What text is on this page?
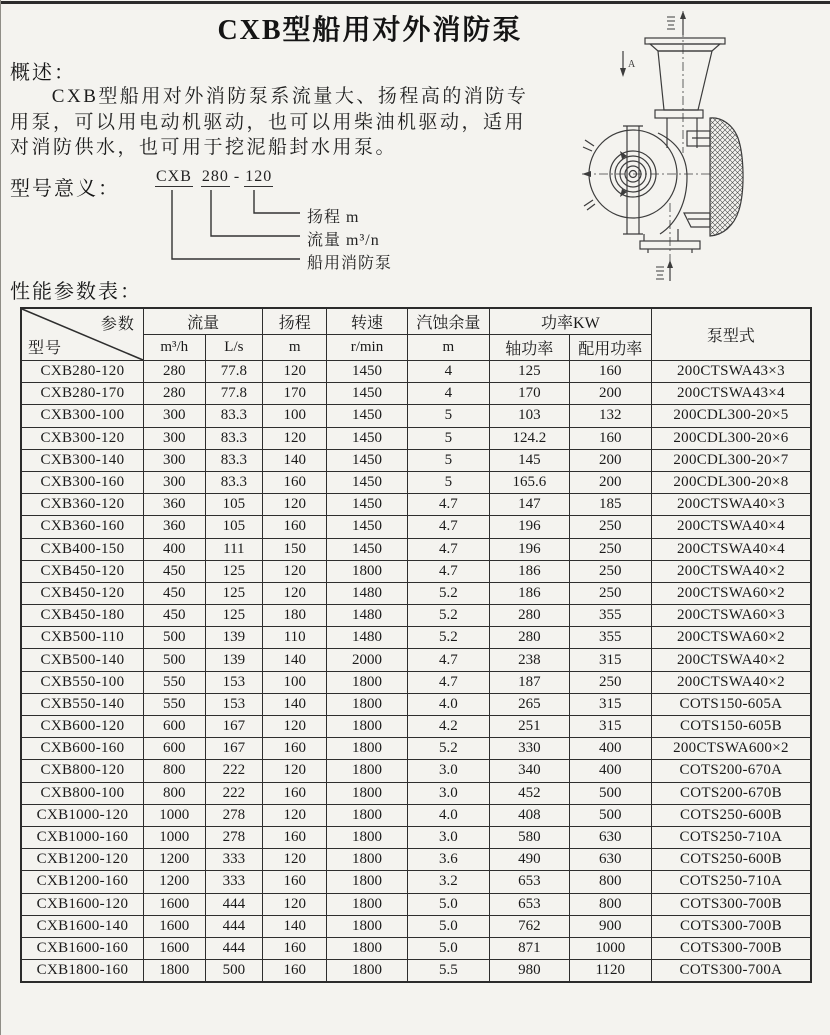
CXB型船用对外消防泵
概述：
CXB型船用对外消防泵系流量大、扬程高的消防专
用泵，可以用电动机驱动，也可以用柴油机驱动，适用
对消防供水，也可用于挖泥船封水用泵。
型号意义：
CXB 280 - 120
扬程 m
流量 m³/n
船用消防泵
A
性能参数表：
参数
型号	流量		扬程	转速	汽蚀余量	功率KW		泵型式
	m³/h	L/s	m	r/min	m	轴功率	配用功率	
CXB280-120	280	77.8	120	1450	4	125	160	200CTSWA43×3
CXB280-170	280	77.8	170	1450	4	170	200	200CTSWA43×4
CXB300-100	300	83.3	100	1450	5	103	132	200CDL300-20×5
CXB300-120	300	83.3	120	1450	5	124.2	160	200CDL300-20×6
CXB300-140	300	83.3	140	1450	5	145	200	200CDL300-20×7
CXB300-160	300	83.3	160	1450	5	165.6	200	200CDL300-20×8
CXB360-120	360	105	120	1450	4.7	147	185	200CTSWA40×3
CXB360-160	360	105	160	1450	4.7	196	250	200CTSWA40×4
CXB400-150	400	111	150	1450	4.7	196	250	200CTSWA40×4
CXB450-120	450	125	120	1800	4.7	186	250	200CTSWA40×2
CXB450-120	450	125	120	1480	5.2	186	250	200CTSWA60×2
CXB450-180	450	125	180	1480	5.2	280	355	200CTSWA60×3
CXB500-110	500	139	110	1480	5.2	280	355	200CTSWA60×2
CXB500-140	500	139	140	2000	4.7	238	315	200CTSWA40×2
CXB550-100	550	153	100	1800	4.7	187	250	200CTSWA40×2
CXB550-140	550	153	140	1800	4.0	265	315	COTS150-605A
CXB600-120	600	167	120	1800	4.2	251	315	COTS150-605B
CXB600-160	600	167	160	1800	5.2	330	400	200CTSWA600×2
CXB800-120	800	222	120	1800	3.0	340	400	COTS200-670A
CXB800-100	800	222	160	1800	3.0	452	500	COTS200-670B
CXB1000-120	1000	278	120	1800	4.0	408	500	COTS250-600B
CXB1000-160	1000	278	160	1800	3.0	580	630	COTS250-710A
CXB1200-120	1200	333	120	1800	3.6	490	630	COTS250-600B
CXB1200-160	1200	333	160	1800	3.2	653	800	COTS250-710A
CXB1600-120	1600	444	120	1800	5.0	653	800	COTS300-700B
CXB1600-140	1600	444	140	1800	5.0	762	900	COTS300-700B
CXB1600-160	1600	444	160	1800	5.0	871	1000	COTS300-700B
CXB1800-160	1800	500	160	1800	5.5	980	1120	COTS300-700A
